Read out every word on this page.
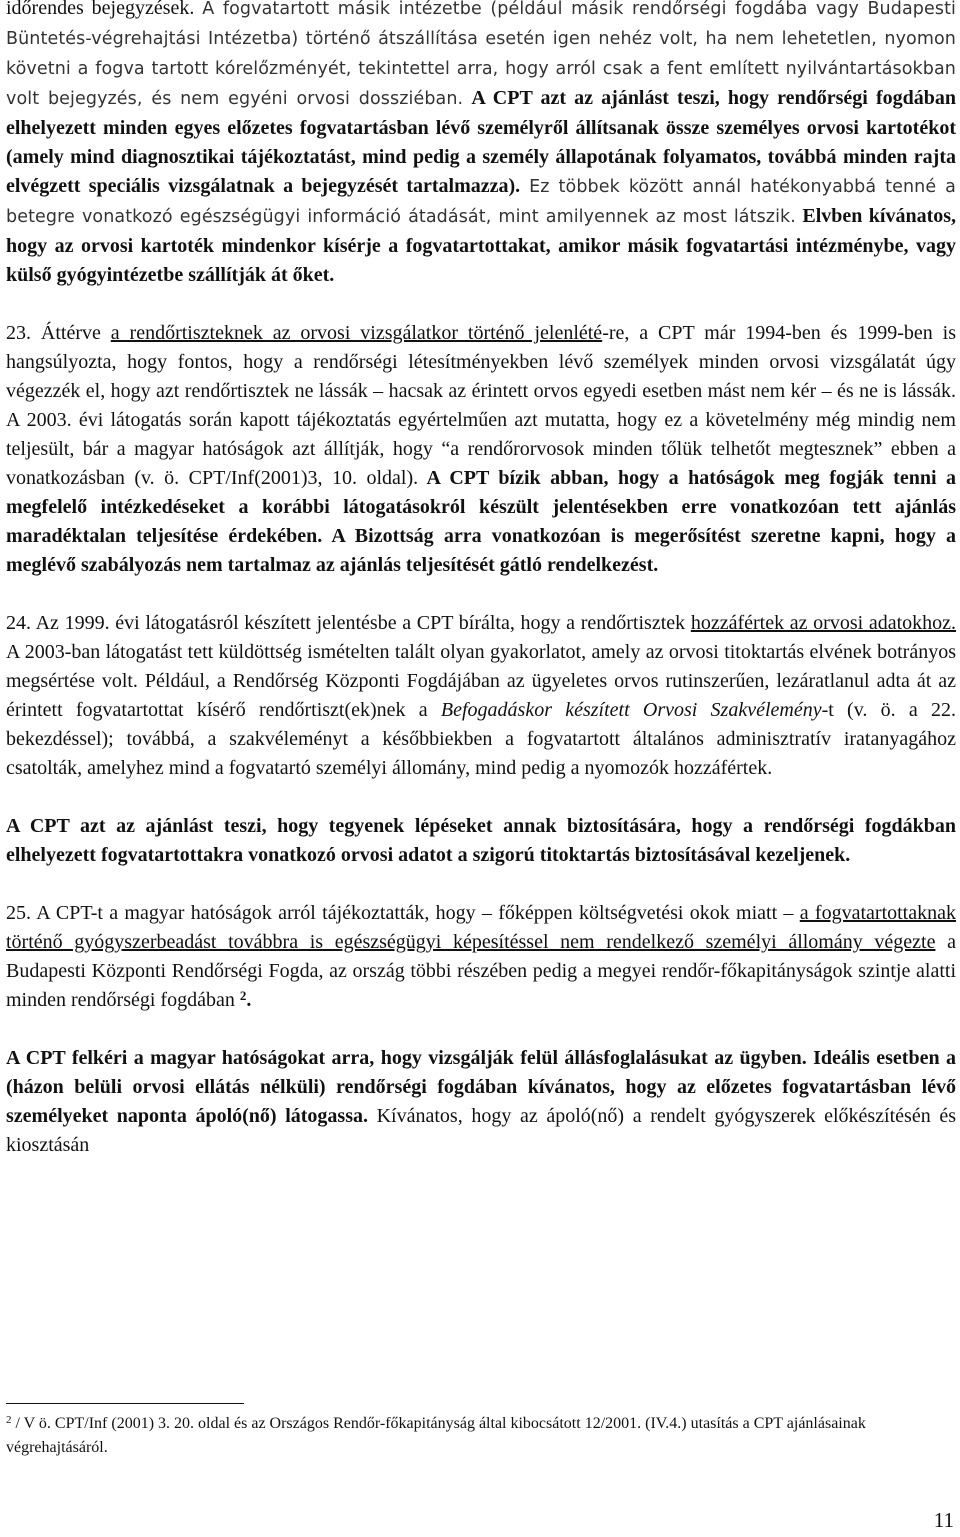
időrendes bejegyzések. A fogvatartott másik intézetbe (például másik rendőrségi fogdába vagy Budapesti Büntetés-végrehajtási Intézetba) történő átszállítása esetén igen nehéz volt, ha nem lehetetlen, nyomon követni a fogva tartott kórelőzményét, tekintettel arra, hogy arról csak a fent említett nyilvántartásokban volt bejegyzés, és nem egyéni orvosi dossziéban. A CPT azt az ajánlást teszi, hogy rendőrségi fogdában elhelyezett minden egyes előzetes fogvatartásban lévő személyről állítsanak össze személyes orvosi kartotékot (amely mind diagnosztikai tájékoztatást, mind pedig a személy állapotának folyamatos, továbbá minden rajta elvégzett speciális vizsgálatnak a bejegyzését tartalmazza). Ez többek között annál hatékonyabbá tenné a betegre vonatkozó egészségügyi információ átadását, mint amilyennek az most látszik. Elvben kívánatos, hogy az orvosi kartoték mindenkor kísérje a fogvatartottakat, amikor másik fogvatartási intézménybe, vagy külső gyógyintézetbe szállítják át őket.

23. Áttérve a rendőrtiszteknek az orvosi vizsgálatkor történő jelenlété-re, a CPT már 1994-ben és 1999-ben is hangsúlyozta, hogy fontos, hogy a rendőrségi létesítményekben lévő személyek minden orvosi vizsgálatát úgy végezzék el, hogy azt rendőrtisztek ne lássák – hacsak az érintett orvos egyedi esetben mást nem kér – és ne is lássák. A 2003. évi látogatás során kapott tájékoztatás egyértelműen azt mutatta, hogy ez a követelmény még mindig nem teljesült, bár a magyar hatóságok azt állítják, hogy “a rendőrorvosok minden tőlük telhetőt megtesznek” ebben a vonatkozásban (v. ö. CPT/Inf(2001)3, 10. oldal). A CPT bízik abban, hogy a hatóságok meg fogják tenni a megfelelő intézkedéseket a korábbi látogatásokról készült jelentésekben erre vonatkozóan tett ajánlás maradéktalan teljesítése érdekében. A Bizottság arra vonatkozóan is megerősítést szeretne kapni, hogy a meglévő szabályozás nem tartalmaz az ajánlás teljesítését gátló rendelkezést.

24. Az 1999. évi látogatásról készített jelentésbe a CPT bírálta, hogy a rendőrtisztek hozzáfértek az orvosi adatokhoz. A 2003-ban látogatást tett küldöttség ismételten talált olyan gyakorlatot, amely az orvosi titoktartás elvének botrányos megsértése volt. Például, a Rendőrség Központi Fogdájában az ügyeletes orvos rutinszerűen, lezáratlanul adta át az érintett fogvatartottat kísérő rendőrtiszt(ek)nek a Befogadáskor készített Orvosi Szakvélemény-t (v. ö. a 22. bekezdéssel); továbbá, a szakvéleményt a későbbiekben a fogvatartott általános adminisztratív iratanyagához csatolták, amelyhez mind a fogvatartó személyi állomány, mind pedig a nyomozók hozzáfértek.

A CPT azt az ajánlást teszi, hogy tegyenek lépéseket annak biztosítására, hogy a rendőrségi fogdákban elhelyezett fogvatartottakra vonatkozó orvosi adatot a szigorú titoktartás biztosításával kezeljenek.

25. A CPT-t a magyar hatóságok arról tájékoztatták, hogy – főképpen költségvetési okok miatt – a fogvatartottaknak történő gyógyszerbeadást továbbra is egészségügyi képesítéssel nem rendelkező személyi állomány végezte a Budapesti Központi Rendőrségi Fogda, az ország többi részében pedig a megyei rendőr-főkapitányságok szintje alatti minden rendőrségi fogdában $^2$.

A CPT felkéri a magyar hatóságokat arra, hogy vizsgálják felül állásfoglalásukat az ügyben. Ideális esetben a (házon belüli orvosi ellátás nélküli) rendőrségi fogdában kívánatos, hogy az előzetes fogvatartásban lévő személyeket naponta ápoló(nő) látogassa. Kívánatos, hogy az ápoló(nő) a rendelt gyógyszerek előkészítésén és kiosztásán

$^2$ / V ö. CPT/Inf (2001) 3. 20. oldal és az Országos Rendőr-főkapitányság által kibocsátott 12/2001. (IV.4.) utasítás a CPT ajánlásainak végrehajtásáról.
11
